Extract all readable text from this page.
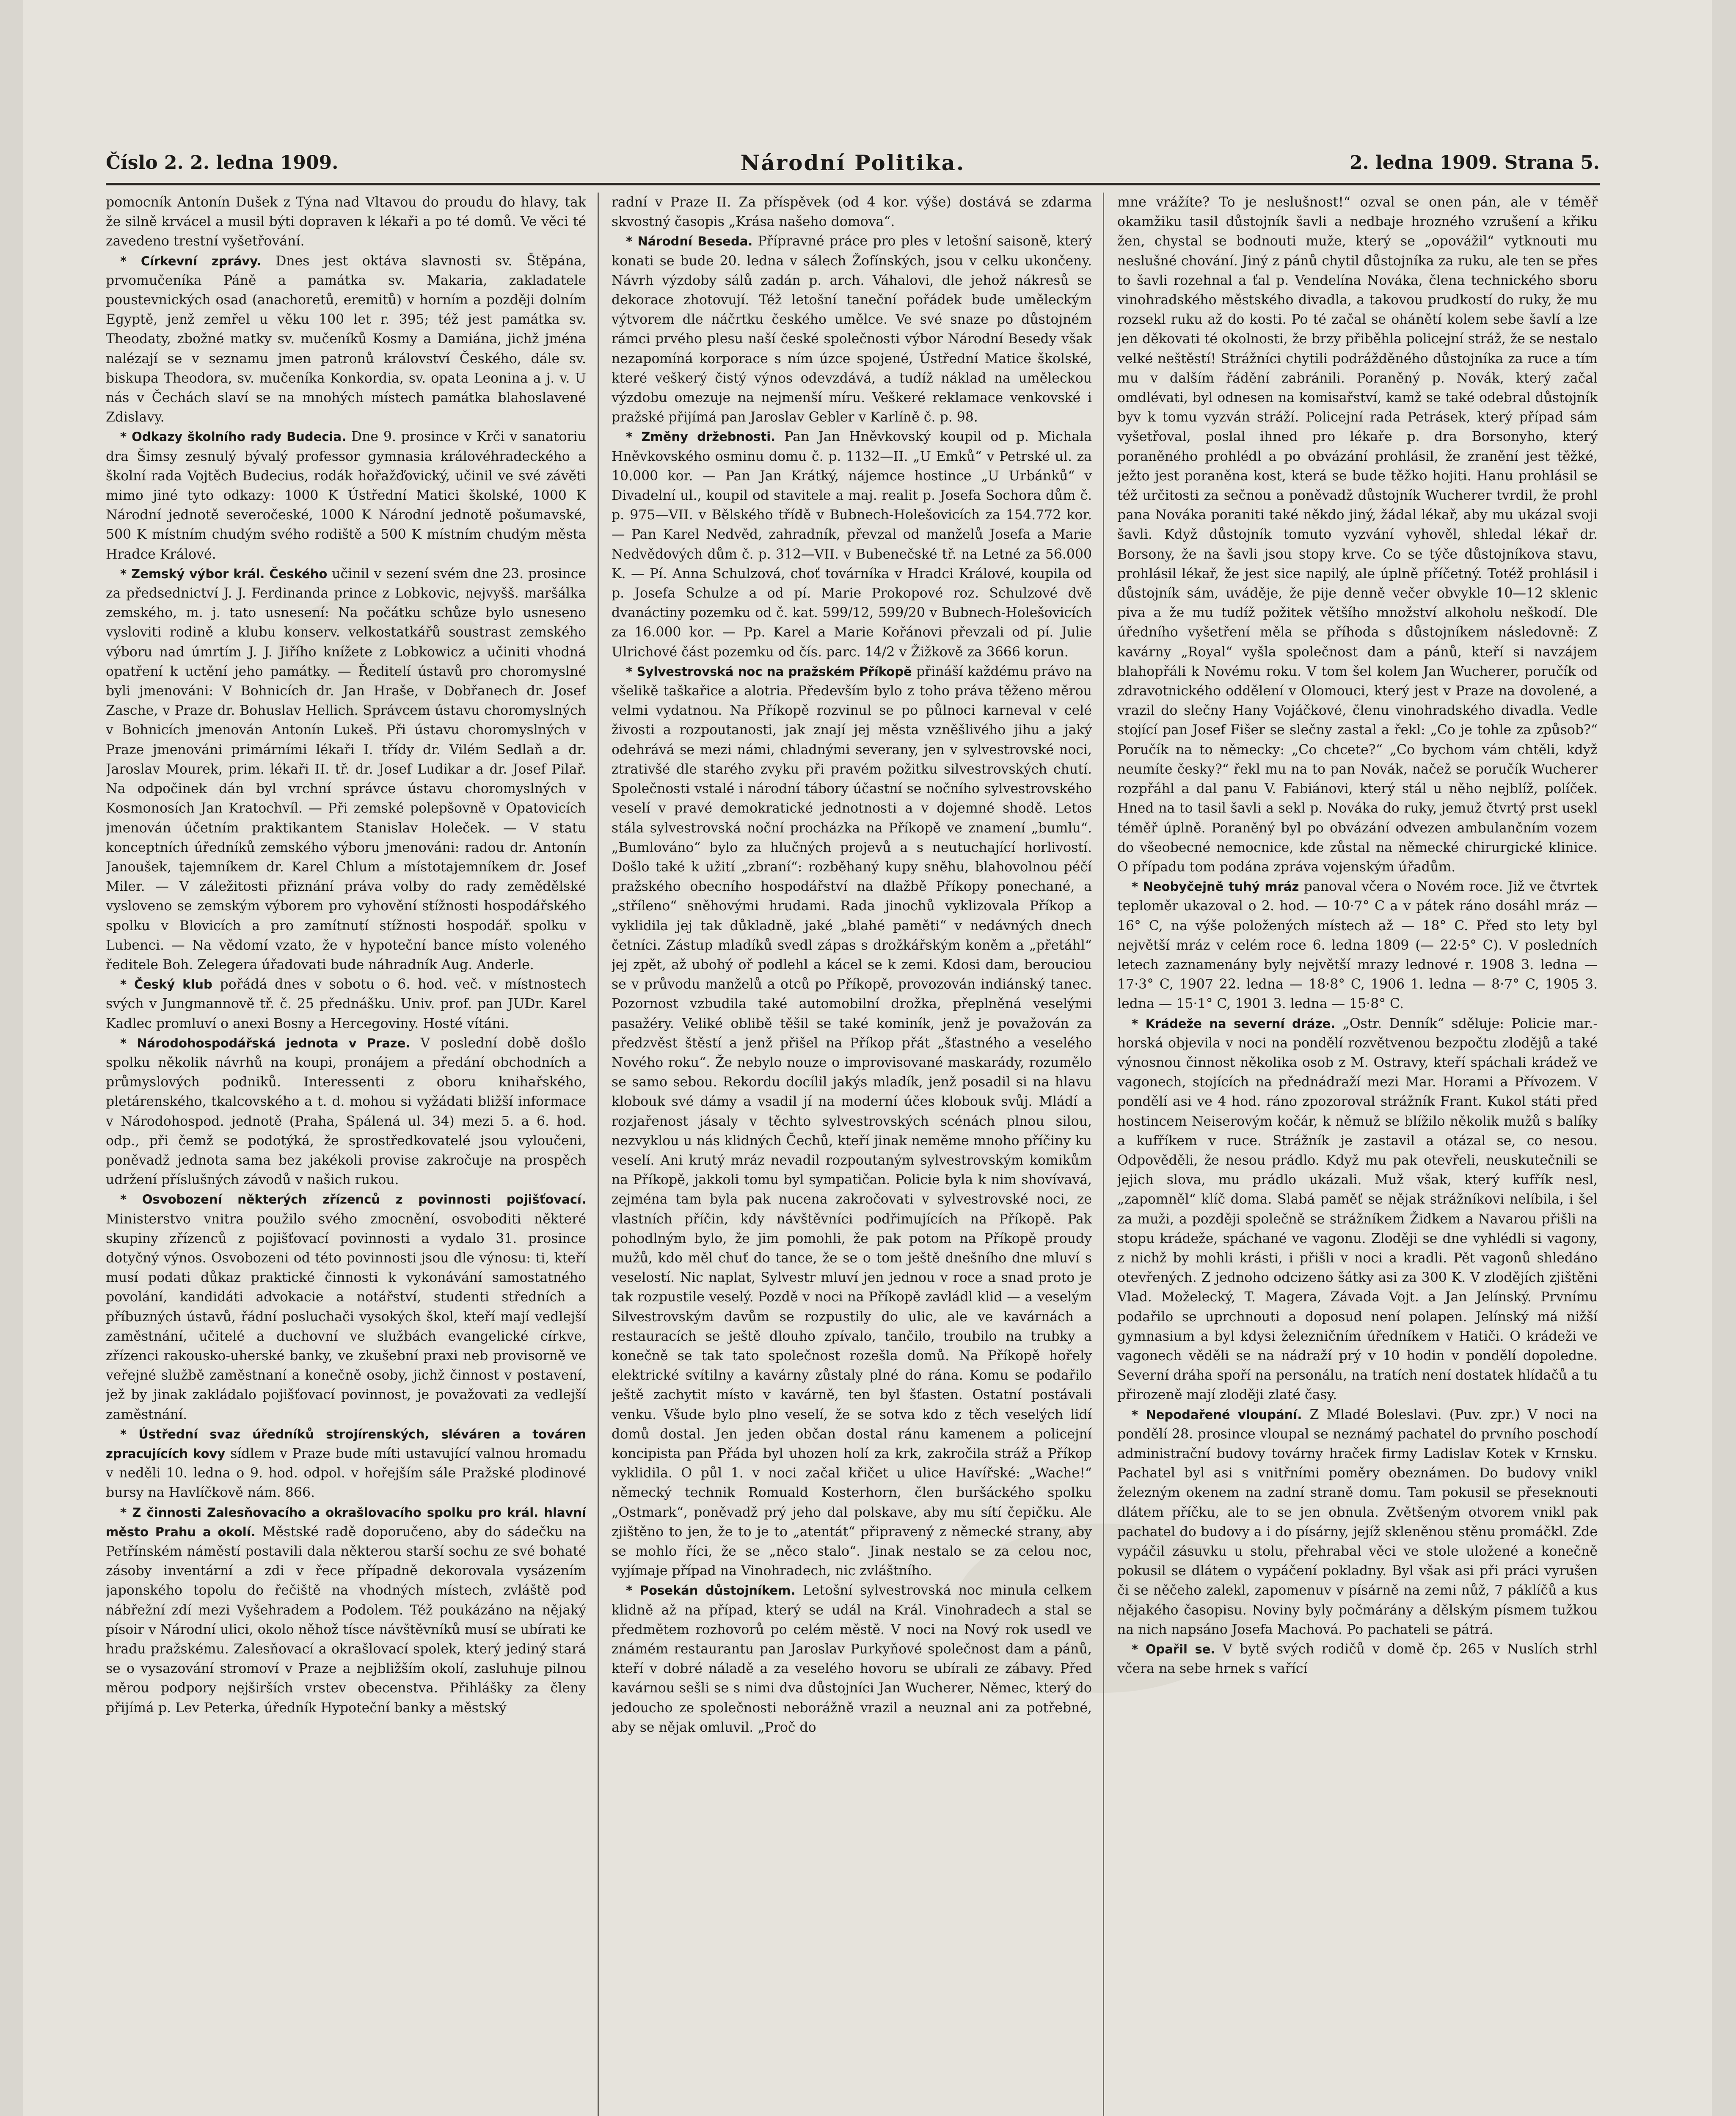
Číslo 2. 2. ledna 1909.	Národní Politika.	2. ledna 1909. Strana 5.

pomocník Antonín Dušek z Týna nad Vltavou do proudu do hlavy, tak že silně krvácel a musil býti dopraven k lékaři a po té domů. Ve věci té zavedeno trestní vyšetřování.

* Církevní zprávy. Dnes jest oktáva slavnosti sv. Štěpána, prvomučeníka Páně a památka sv. Makaria, zakladatele poustevnických osad (anachoretů, eremitů) v horním a později dolním Egyptě, jenž zemřel u věku 100 let r. 395; též jest památka sv. Theodaty, zbožné matky sv. mučeníků Kosmy a Damiána, jichž jména nalézají se v seznamu jmen patronů království Českého, dále sv. biskupa Theodora, sv. mučeníka Konkordia, sv. opata Leonina a j. v. U nás v Čechách slaví se na mnohých místech památka blahoslavené Zdislavy.

* Odkazy školního rady Budecia. Dne 9. prosince v Krči v sanatoriu dra Šimsy zesnulý bývalý professor gymnasia královéhradeckého a školní rada Vojtěch Budecius, rodák hořažďovický, učinil ve své závěti mimo jiné tyto odkazy: 1000 K Ústřední Matici školské, 1000 K Národní jednotě severočeské, 1000 K Národní jednotě pošumavské, 500 K místním chudým svého rodiště a 500 K místním chudým města Hradce Králové.

* Zemský výbor král. Českého učinil v sezení svém dne 23. prosince za předsednictví J. J. Ferdinanda prince z Lobkovic, nejvyšš. maršálka zemského, m. j. tato usnesení: Na počátku schůze bylo usneseno vysloviti rodině a klubu konserv. velkostatkářů soustrast zemského výboru nad úmrtím J. J. Jiřího knížete z Lobkowicz a učiniti vhodná opatření k uctění jeho památky. — Ředitelí ústavů pro choromyslné byli jmenováni: V Bohnicích dr. Jan Hraše, v Dobřanech dr. Josef Zasche, v Praze dr. Bohuslav Hellich. Správcem ústavu choromyslných v Bohnicích jmenován Antonín Lukeš. Při ústavu choromyslných v Praze jmenováni primárními lékaři I. třídy dr. Vilém Sedlaň a dr. Jaroslav Mourek, prim. lékaři II. tř. dr. Josef Ludikar a dr. Josef Pilař. Na odpočinek dán byl vrchní správce ústavu choromyslných v Kosmonosích Jan Kratochvíl. — Při zemské polepšovně v Opatovicích jmenován účetním praktikantem Stanislav Holeček. — V statu konceptních úředníků zemského výboru jmenováni: radou dr. Antonín Janoušek, tajemníkem dr. Karel Chlum a místotajemníkem dr. Josef Miler. — V záležitosti přiznání práva volby do rady zemědělské vysloveno se zemským výborem pro vyhovění stížnosti hospodářského spolku v Blovicích a pro zamítnutí stížnosti hospodář. spolku v Lubenci. — Na vědomí vzato, že v hypoteční bance místo voleného ředitele Boh. Zelegera úřadovati bude náhradník Aug. Anderle.

* Český klub pořádá dnes v sobotu o 6. hod. več. v místnostech svých v Jungmannově tř. č. 25 přednášku. Univ. prof. pan JUDr. Karel Kadlec promluví o anexi Bosny a Hercegoviny. Hosté vítáni.

* Národohospodářská jednota v Praze. V poslední době došlo spolku několik návrhů na koupi, pronájem a předání obchodních a průmyslových podniků. Interessenti z oboru knihařského, pletárenského, tkalcovského a t. d. mohou si vyžádati bližší informace v Národohospod. jednotě (Praha, Spálená ul. 34) mezi 5. a 6. hod. odp., při čemž se podotýká, že sprostředkovatelé jsou vyloučeni, poněvadž jednota sama bez jakékoli provise zakročuje na prospěch udržení příslušných závodů v našich rukou.

* Osvobození některých zřízenců z povinnosti pojišťovací. Ministerstvo vnitra použilo svého zmocnění, osvoboditi některé skupiny zřízenců z pojišťovací povinnosti a vydalo 31. prosince dotyčný výnos. Osvobozeni od této povinnosti jsou dle výnosu: ti, kteří musí podati důkaz praktické činnosti k vykonávání samostatného povolání, kandidáti advokacie a notářství, studenti středních a příbuzných ústavů, řádní posluchači vysokých škol, kteří mají vedlejší zaměstnání, učitelé a duchovní ve službách evangelické církve, zřízenci rakousko-uherské banky, ve zkušební praxi neb provisorně ve veřejné službě zaměstnaní a konečně osoby, jichž činnost v postavení, jež by jinak zakládalo pojišťovací povinnost, je považovati za vedlejší zaměstnání.

* Ústřední svaz úředníků strojírenských, sléváren a továren zpracujících kovy sídlem v Praze bude míti ustavující valnou hromadu v neděli 10. ledna o 9. hod. odpol. v hořejším sále Pražské plodinové bursy na Havlíčkově nám. 866.

* Z činnosti Zalesňovacího a okrašlovacího spolku pro král. hlavní město Prahu a okolí. Městské radě doporučeno, aby do sádečku na Petřínském náměstí postavili dala některou starší sochu ze své bohaté zásoby inventární a zdi v řece případně dekorovala vysázením japonského topolu do řečiště na vhodných místech, zvláště pod nábřežní zdí mezi Vyšehradem a Podolem. Též poukázáno na nějaký písoir v Národní ulici, okolo něhož tísce návštěvníků musí se ubírati ke hradu pražskému. Zalesňovací a okrašlovací spolek, který jediný stará se o vysazování stromoví v Praze a nejbližším okolí, zasluhuje pilnou měrou podpory nejširších vrstev obecenstva. Přihlášky za členy přijímá p. Lev Peterka, úředník Hypoteční banky a městský

radní v Praze II. Za příspěvek (od 4 kor. výše) dostává se zdarma skvostný časopis „Krása našeho domova“.

* Národní Beseda. Přípravné práce pro ples v letošní saisoně, který konati se bude 20. ledna v sálech Žofínských, jsou v celku ukončeny. Návrh výzdoby sálů zadán p. arch. Váhalovi, dle jehož nákresů se dekorace zhotovují. Též letošní taneční pořádek bude uměleckým výtvorem dle náčrtku českého umělce. Ve své snaze po důstojném rámci prvého plesu naší české společnosti výbor Národní Besedy však nezapomíná korporace s ním úzce spojené, Ústřední Matice školské, které veškerý čistý výnos odevzdává, a tudíž náklad na uměleckou výzdobu omezuje na nejmenší míru. Veškeré reklamace venkovské i pražské přijímá pan Jaroslav Gebler v Karlíně č. p. 98.

* Změny držebnosti. Pan Jan Hněvkovský koupil od p. Michala Hněvkovského osminu domu č. p. 1132—II. „U Emků“ v Petrské ul. za 10.000 kor. — Pan Jan Krátký, nájemce hostince „U Urbánků“ v Divadelní ul., koupil od stavitele a maj. realit p. Josefa Sochora dům č. p. 975—VII. v Bělského třídě v Bubnech-Holešovicích za 154.772 kor. — Pan Karel Nedvěd, zahradník, převzal od manželů Josefa a Marie Nedvědových dům č. p. 312—VII. v Bubenečské tř. na Letné za 56.000 K. — Pí. Anna Schulzová, choť továrníka v Hradci Králové, koupila od p. Josefa Schulze a od pí. Marie Prokopové roz. Schulzové dvě dvanáctiny pozemku od č. kat. 599/12, 599/20 v Bubnech-Holešovicích za 16.000 kor. — Pp. Karel a Marie Kořánovi převzali od pí. Julie Ulrichové část pozemku od čís. parc. 14/2 v Žižkově za 3666 korun.

* Sylvestrovská noc na pražském Příkopě přináší každému právo na všelikě taškařice a alotria. Především bylo z toho práva těženo měrou velmi vydatnou. Na Příkopě rozvinul se po půlnoci karneval v celé živosti a rozpoutanosti, jak znají jej města vzněšlivého jihu a jaký odehrává se mezi námi, chladnými severany, jen v sylvestrovské noci, ztrativšé dle starého zvyku při pravém požitku silvestrovských chutí. Společnosti vstalé i národní tábory účastní se nočního sylvestrovského veselí v pravé demokratické jednotnosti a v dojemné shodě. Letos stála sylvestrovská noční procházka na Příkopě ve znamení „bumlu“. „Bumlováno“ bylo za hlučných projevů a s neutuchající horlivostí. Došlo také k užití „zbraní“: rozběhaný kupy sněhu, blahovolnou péčí pražského obecního hospodářství na dlažbě Příkopy ponechané, a „střílenо“ sněhovými hrudami. Rada jinochů vyklizovala Příkop a vyklidila jej tak důkladně, jaké „blahé paměti“ v nedávných dnech četníci. Zástup mladíků svedl zápas s drožkářským koněm a „přetáhl“ jej zpět, až ubohý oř podlehl a kácel se k zemi. Kdosi dam, berouciou se v průvodu manželů a otců po Příkopě, provozován indiánský tanec. Pozornost vzbudila také automobilní drožka, přeplněná veselými pasažéry. Veliké oblibě těšil se také kominík, jenž je považován za předzvěst štěstí a jenž přišel na Příkop přát „šťastného a veselého Nového roku“. Že nebylo nouze o improvisované maskarády, rozumělo se samo sebou. Rekordu docílil jakýs mladík, jenž posadil si na hlavu klobouk své dámy a vsadil jí na moderní účes klobouk svůj. Mládí a rozjařenost jásaly v těchto sylvestrovských scénách plnou silou, nezvyklou u nás klidných Čechů, kteří jinak neměme mnoho příčiny ku veselí. Ani krutý mráz nevadil rozpoutaným sylvestrovským komikům na Příkopě, jakkoli tomu byl sympatičan. Policie byla k nim shovívavá, zejména tam byla pak nucena zakročovati v sylvestrovské noci, ze vlastních příčin, kdy návštěvníci podřimujících na Příkopě. Pak pohodlným bylo, že jim pomohli, že pak potom na Příkopě proudy mužů, kdo měl chuť do tance, že se o tom ještě dnešního dne mluví s veselostí. Nic naplat, Sylvestr mluví jen jednou v roce a snad proto je tak rozpustile veselý. Pozdě v noci na Příkopě zavládl klid — a veselým Silvestrovským davům se rozpustily do ulic, ale ve kavárnách a restauracích se ještě dlouho zpívalo, tančilo, troubilo na trubky a konečně se tak tato společnost rozešla domů. Na Příkopě hořely elektrické svítilny a kavárny zůstaly plné do rána. Komu se podařilo ještě zachytit místo v kavárně, ten byl šťasten. Ostatní postávali venku. Všude bylo plno veselí, že se sotva kdo z těch veselých lidí domů dostal. Jen jeden občan dostal ránu kamenem a policejní koncipista pan Přáda byl uhozen holí za krk, zakročila stráž a Příkop vyklidila. O půl 1. v noci začal křičet u ulice Havířské: „Wache!“ německý technik Romuald Kosterhorn, člen buršáckého spolku „Ostmark“, poněvadž prý jeho dal polskave, aby mu sítí čepičku. Ale zjištěno to jen, že to je to „atentát“ připravený z německé strany, aby se mohlo říci, že se „něco stalo“. Jinak nestalo se za celou noc, vyjímaje případ na Vinohradech, nic zvláštního.

* Posekán důstojníkem. Letošní sylvestrovská noc minula celkem klidně až na případ, který se udál na Král. Vinohradech a stal se předmětem rozhovorů po celém městě. V noci na Nový rok usedl ve známém restaurantu pan Jaroslav Purkyňové společnost dam a pánů, kteří v dobré náladě a za veselého hovoru se ubírali ze zábavy. Před kavárnou sešli se s nimi dva důstojníci Jan Wucherer, Němec, který do jedoucho ze společnosti neborážně vrazil a neuznal ani za potřebné, aby se nějak omluvil. „Proč do

mne vrážíte? To je neslušnost!“ ozval se onen pán, ale v téměř okamžiku tasil důstojník šavli a nedbaje hrozného vzrušení a křiku žen, chystal se bodnouti muže, který se „opovážil“ vytknouti mu neslušné chování. Jiný z pánů chytil důstojníka za ruku, ale ten se přes to šavli rozehnal a ťal p. Vendelína Nováka, člena technického sboru vinohradského městského divadla, a takovou prudkostí do ruky, že mu rozsekl ruku až do kosti. Po té začal se ohánětí kolem sebe šavlí a lze jen děkovati té okolnosti, že brzy přiběhla policejní stráž, že se nestalo velké neštěstí! Strážníci chytili podrážděného důstojníka za ruce a tím mu v dalším řádění zabránili. Poraněný p. Novák, který začal omdlévati, byl odnesen na komisařství, kamž se také odebral důstojník byv k tomu vyzván stráží. Policejní rada Petrásek, který případ sám vyšetřoval, poslal ihned pro lékaře p. dra Borsonyho, který poraněného prohlédl a po obvázání prohlásil, že zranění jest těžké, ježto jest poraněna kost, která se bude těžko hojiti. Hanu prohlásil se též určitosti za sečnou a poněvadž důstojník Wucherer tvrdil, že prohl pana Nováka poraniti také někdo jiný, žádal lékař, aby mu ukázal svoji šavli. Když důstojník tomuto vyzvání vyhověl, shledal lékař dr. Borsony, že na šavli jsou stopy krve. Co se týče důstojníkova stavu, prohlásil lékař, že jest sice napilý, ale úplně příčetný. Totéž prohlásil i důstojník sám, uváděje, že pije denně večer obvykle 10—12 sklenic piva a že mu tudíž požitek většího množství alkoholu neškodí. Dle úředního vyšetření měla se příhoda s důstojníkem následovně: Z kavárny „Royal“ vyšla společnost dam a pánů, kteří si navzájem blahopřáli k Novému roku. V tom šel kolem Jan Wucherer, poručík od zdravotnického oddělení v Olomouci, který jest v Praze na dovolené, a vrazil do slečny Hany Vojáčkové, členu vinohradského divadla. Vedle stojící pan Josef Fišer se slečny zastal a řekl: „Co je tohle za způsob?“ Poručík na to německy: „Co chcete?“ „Co bychom vám chtěli, když neumíte česky?“ řekl mu na to pan Novák, načež se poručík Wucherer rozpřáhl a dal panu V. Fabiánovi, který stál u něho nejblíž, políček. Hned na to tasil šavli a sekl p. Nováka do ruky, jemuž čtvrtý prst usekl téměř úplně. Poraněný byl po obvázání odvezen ambulančním vozem do všeobecné nemocnice, kde zůstal na německé chirurgické klinice. O případu tom podána zpráva vojenským úřadům.

* Neobyčejně tuhý mráz panoval včera o Novém roce. Již ve čtvrtek teploměr ukazoval o 2. hod. — 10·7° C a v pátek ráno dosáhl mráz — 16° C, na výše položených místech až — 18° C. Před sto lety byl největší mráz v celém roce 6. ledna 1809 (— 22·5° C). V posledních letech zaznamenány byly největší mrazy lednové r. 1908 3. ledna — 17·3° C, 1907 22. ledna — 18·8° C, 1906 1. ledna — 8·7° C, 1905 3. ledna — 15·1° C, 1901 3. ledna — 15·8° C.

* Krádeže na severní dráze. „Ostr. Denník“ sděluje: Policie mar.-horská objevila v noci na pondělí rozvětvenou bezpočtu zlodějů a také výnosnou činnost několika osob z M. Ostravy, kteří spáchali krádež ve vagonech, stojících na přednádraží mezi Mar. Horami a Přívozem. V pondělí asi ve 4 hod. ráno zpozoroval strážník Frant. Kukol státi před hostincem Neiserovým kočár, k němuž se blížilo několik mužů s balíky a kufříkem v ruce. Strážník je zastavil a otázal se, co nesou. Odpověděli, že nesou prádlo. Když mu pak otevřeli, neuskutečnili se jejich slova, mu prádlo ukázali. Muž však, který kufřík nesl, „zapomněl“ klíč doma. Slabá paměť se nějak strážníkovi nelíbila, i šel za muži, a později společně se strážníkem Židkem a Navarou přišli na stopu krádeže, spáchané ve vagonu. Zloději se dne vyhlédli si vagony, z nichž by mohli krásti, i přišli v noci a kradli. Pět vagonů shledáno otevřených. Z jednoho odcizeno šátky asi za 300 K. V zlodějích zjištěni Vlad. Moželecký, T. Magera, Závada Vojt. a Jan Jelínský. Prvnímu podařilo se uprchnouti a doposud není polapen. Jelínský má nižší gymnasium a byl kdysi železničním úředníkem v Hatiči. O krádeži ve vagonech věděli se na nádraží prý v 10 hodin v pondělí dopoledne. Severní dráha spoří na personálu, na tratích není dostatek hlídačů a tu přirozeně mají zloději zlaté časy.

* Nepodařené vloupání. Z Mladé Boleslavi. (Puv. zpr.) V noci na pondělí 28. prosince vloupal se neznámý pachatel do prvního poschodí administrační budovy továrny hraček firmy Ladislav Kotek v Krnsku. Pachatel byl asi s vnitřními poměry obeznámen. Do budovy vnikl železným okenem na zadní straně domu. Tam pokusil se přeseknouti dlátem příčku, ale to se jen obnula. Zvětšeným otvorem vnikl pak pachatel do budovy a i do písárny, jejíž skleněnou stěnu promáčkl. Zde vypáčil zásuvku u stolu, přehrabal věci ve stole uložené a konečně pokusil se dlátem o vypáčení pokladny. Byl však asi při práci vyrušen či se něčeho zalekl, zapomenuv v písárně na zemi nůž, 7 páklíčů a kus nějakého časopisu. Noviny byly počmárány a dělským písmem tužkou na nich napsáno Josefa Machová. Po pachateli se pátrá.

* Opařil se. V bytě svých rodičů v domě čp. 265 v Nuslích strhl včera na sebe hrnek s vařící
